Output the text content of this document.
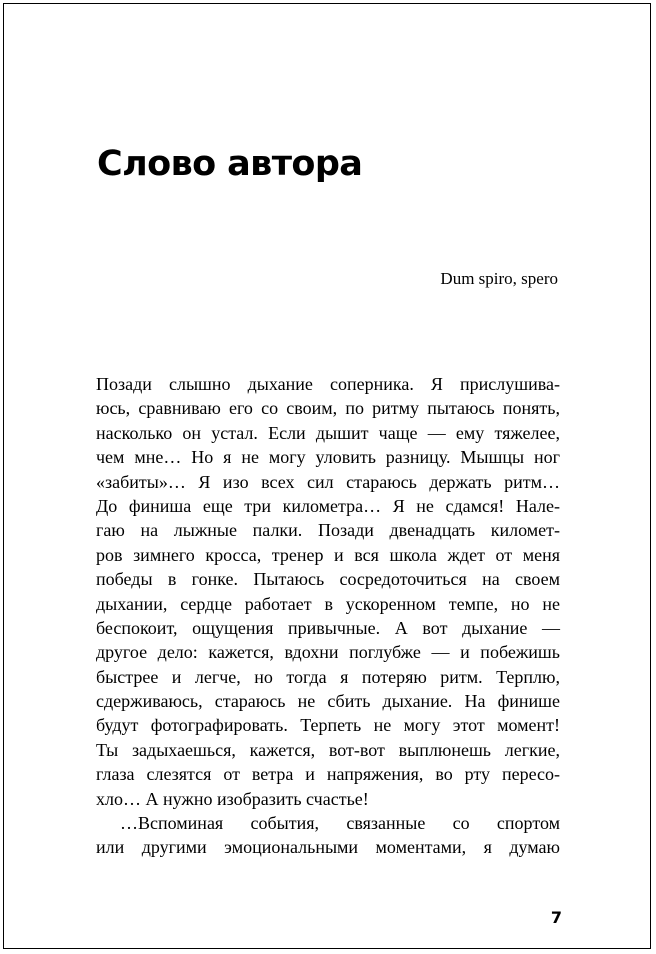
Слово автора
Dum spiro, spero
Позади слышно дыхание соперника. Я прислушива-
юсь, сравниваю его со своим, по ритму пытаюсь понять,
насколько он устал. Если дышит чаще — ему тяжелее,
чем мне… Но я не могу уловить разницу. Мышцы ног
«забиты»… Я изо всех сил стараюсь держать ритм…
До финиша еще три километра… Я не сдамся! Нале-
гаю на лыжные палки. Позади двенадцать километ-
ров зимнего кросса, тренер и вся школа ждет от меня
победы в гонке. Пытаюсь сосредоточиться на своем
дыхании, сердце работает в ускоренном темпе, но не
беспокоит, ощущения привычные. А вот дыхание —
другое дело: кажется, вдохни поглубже — и побежишь
быстрее и легче, но тогда я потеряю ритм. Терплю,
сдерживаюсь, стараюсь не сбить дыхание. На финише
будут фотографировать. Терпеть не могу этот момент!
Ты задыхаешься, кажется, вот-вот выплюнешь легкие,
глаза слезятся от ветра и напряжения, во рту пересо-
хло… А нужно изобразить счастье!
…Вспоминая события, связанные со спортом
или другими эмоциональными моментами, я думаю
7
